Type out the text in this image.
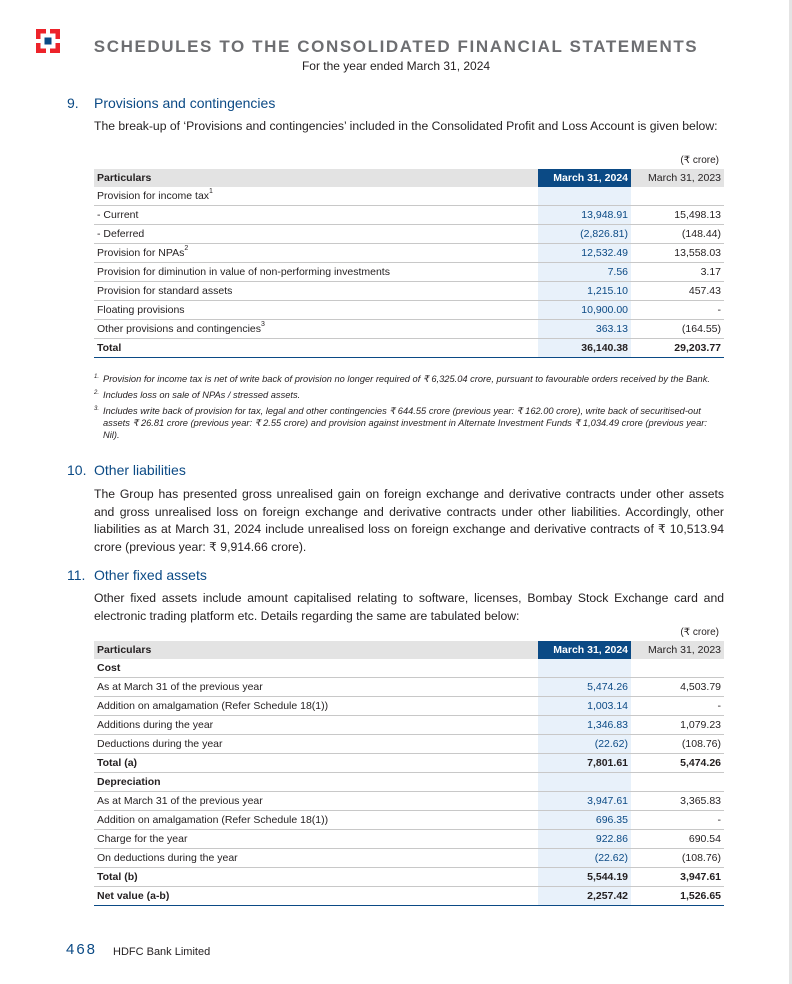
SCHEDULES TO THE CONSOLIDATED FINANCIAL STATEMENTS
For the year ended March 31, 2024
9. Provisions and contingencies

The break-up of ‘Provisions and contingencies’ included in the Consolidated Profit and Loss Account is given below:

(₹ crore)
Particulars	March 31, 2024	March 31, 2023
Provision for income tax$^1$		
- Current	13,948.91	15,498.13
- Deferred	(2,826.81)	(148.44)
Provision for NPAs$^2$	12,532.49	13,558.03
Provision for diminution in value of non-performing investments	7.56	3.17
Provision for standard assets	1,215.10	457.43
Floating provisions	10,900.00	-
Other provisions and contingencies$^3$	363.13	(164.55)
Total	36,140.38	29,203.77
1. Provision for income tax is net of write back of provision no longer required of ₹ 6,325.04 crore, pursuant to favourable orders received by the Bank.
2. Includes loss on sale of NPAs / stressed assets.
3. Includes write back of provision for tax, legal and other contingencies ₹ 644.55 crore (previous year: ₹ 162.00 crore), write back of securitised-out assets ₹ 26.81 crore (previous year: ₹ 2.55 crore) and provision against investment in Alternate Investment Funds ₹ 1,034.49 crore (previous year: Nil).
10. Other liabilities

The Group has presented gross unrealised gain on foreign exchange and derivative contracts under other assets and gross unrealised loss on foreign exchange and derivative contracts under other liabilities. Accordingly, other liabilities as at March 31, 2024 include unrealised loss on foreign exchange and derivative contracts of ₹ 10,513.94 crore (previous year: ₹ 9,914.66 crore).

11. Other fixed assets

Other fixed assets include amount capitalised relating to software, licenses, Bombay Stock Exchange card and electronic trading platform etc. Details regarding the same are tabulated below:

(₹ crore)
Particulars	March 31, 2024	March 31, 2023
Cost		
As at March 31 of the previous year	5,474.26	4,503.79
Addition on amalgamation (Refer Schedule 18(1))	1,003.14	-
Additions during the year	1,346.83	1,079.23
Deductions during the year	(22.62)	(108.76)
Total (a)	7,801.61	5,474.26
Depreciation		
As at March 31 of the previous year	3,947.61	3,365.83
Addition on amalgamation (Refer Schedule 18(1))	696.35	-
Charge for the year	922.86	690.54
On deductions during the year	(22.62)	(108.76)
Total (b)	5,544.19	3,947.61
Net value (a-b)	2,257.42	1,526.65
468 HDFC Bank Limited
